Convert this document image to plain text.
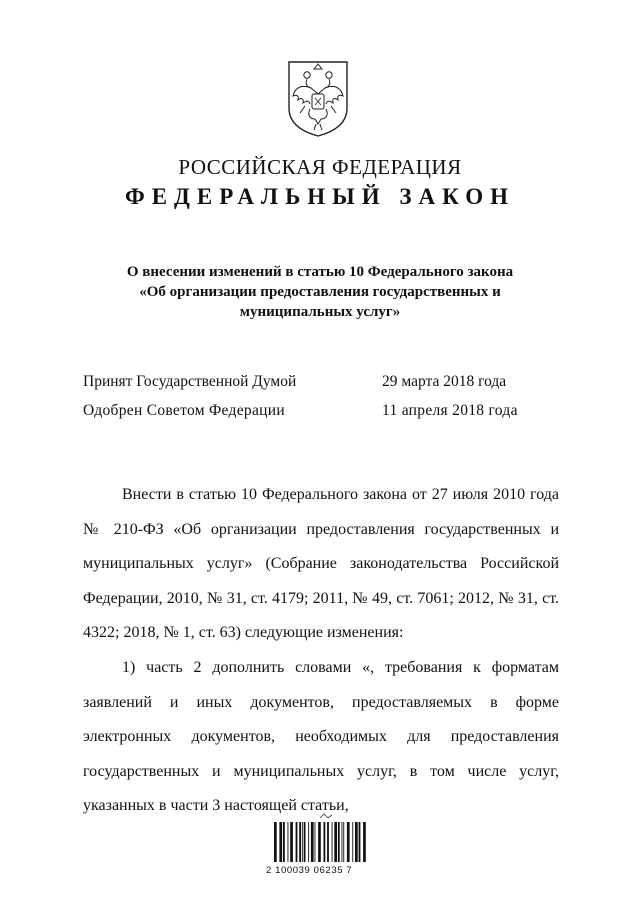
РОССИЙСКАЯ ФЕДЕРАЦИЯ
ФЕДЕРАЛЬНЫЙ ЗАКОН
О внесении изменений в статью 10 Федерального закона
«Об организации предоставления государственных и
муниципальных услуг»
Принят Государственной Думой	29 марта 2018 года
Одобрен Советом Федерации	11 апреля 2018 года

Внести в статью 10 Федерального закона от 27 июля 2010 года № 210-ФЗ «Об организации предоставления государственных и муниципальных услуг» (Собрание законодательства Российской Федерации, 2010, № 31, ст. 4179; 2011, № 49, ст. 7061; 2012, № 31, ст. 4322; 2018, № 1, ст. 63) следующие изменения:

1) часть 2 дополнить словами «, требования к форматам заявлений и иных документов, предоставляемых в форме электронных документов, необходимых для предоставления государственных и муниципальных услуг, в том числе услуг, указанных в части 3 настоящей статьи,

2 100039 06235 7
